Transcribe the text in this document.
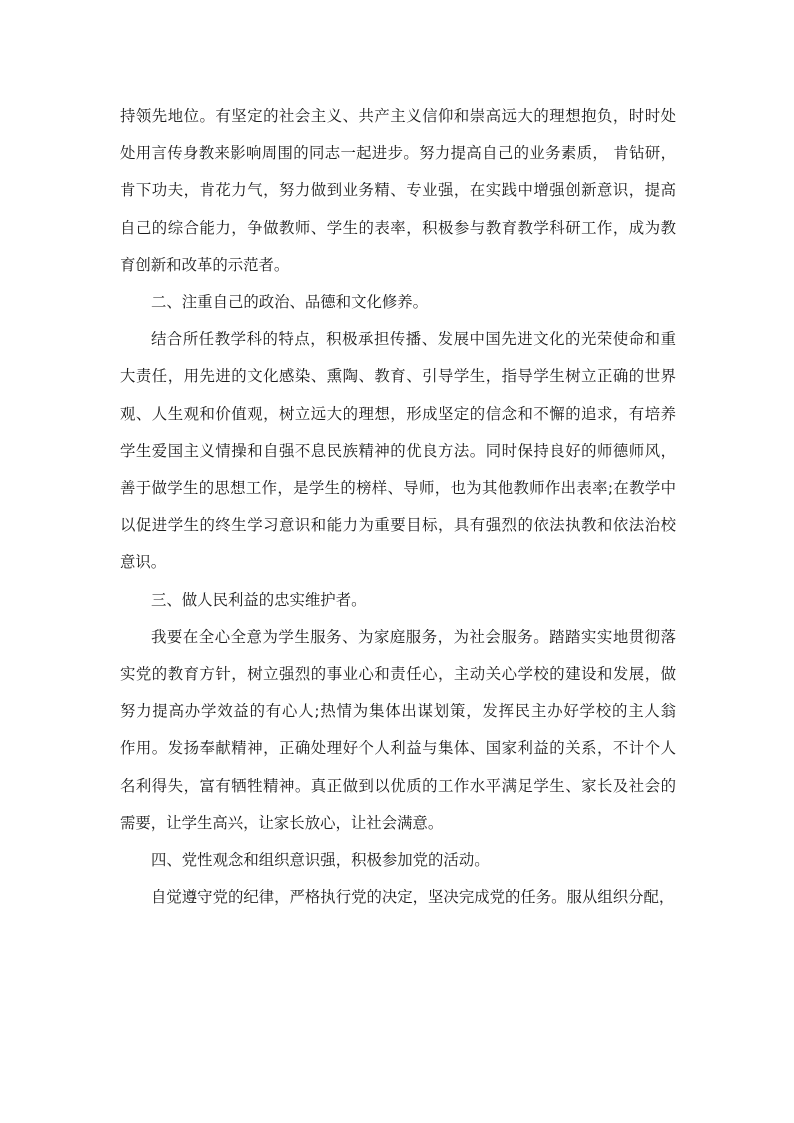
持领先地位。有坚定的社会主义、共产主义信仰和崇高远大的理想抱负，时时处
处用言传身教来影响周围的同志一起进步。努力提高自己的业务素质， 肯钻研，
肯下功夫，肯花力气，努力做到业务精、专业强，在实践中增强创新意识，提高
自己的综合能力，争做教师、学生的表率，积极参与教育教学科研工作，成为教
育创新和改革的示范者。
二、注重自己的政治、品德和文化修养。
结合所任教学科的特点，积极承担传播、发展中国先进文化的光荣使命和重
大责任，用先进的文化感染、熏陶、教育、引导学生，指导学生树立正确的世界
观、人生观和价值观，树立远大的理想，形成坚定的信念和不懈的追求，有培养
学生爱国主义情操和自强不息民族精神的优良方法。同时保持良好的师德师风，
善于做学生的思想工作，是学生的榜样、导师，也为其他教师作出表率;在教学中
以促进学生的终生学习意识和能力为重要目标，具有强烈的依法执教和依法治校
意识。
三、做人民利益的忠实维护者。
我要在全心全意为学生服务、为家庭服务，为社会服务。踏踏实实地贯彻落
实党的教育方针，树立强烈的事业心和责任心，主动关心学校的建设和发展，做
努力提高办学效益的有心人;热情为集体出谋划策，发挥民主办好学校的主人翁
作用。发扬奉献精神，正确处理好个人利益与集体、国家利益的关系，不计个人
名利得失，富有牺牲精神。真正做到以优质的工作水平满足学生、家长及社会的
需要，让学生高兴，让家长放心，让社会满意。
四、党性观念和组织意识强，积极参加党的活动。
自觉遵守党的纪律，严格执行党的决定，坚决完成党的任务。服从组织分配，
